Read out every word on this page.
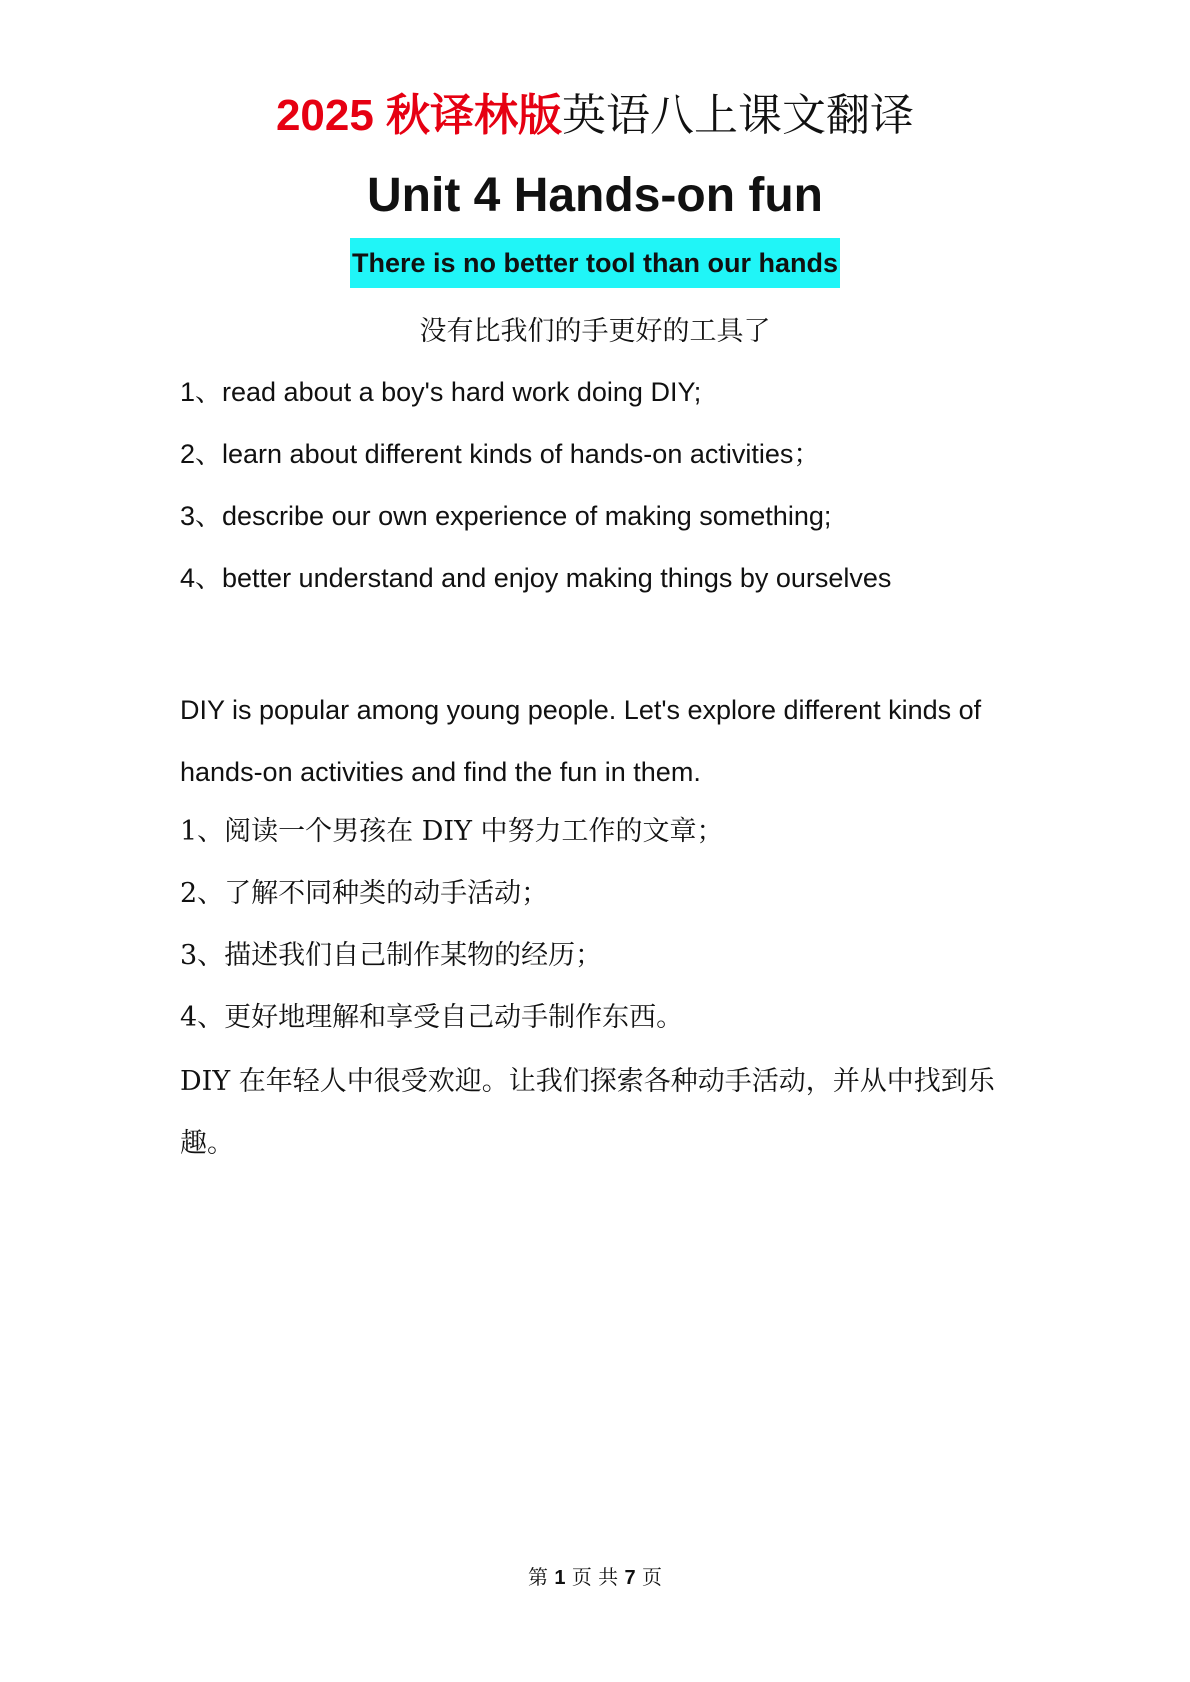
2025 秋译林版英语八上课文翻译
Unit 4 Hands-on fun
There is no better tool than our hands
没有比我们的手更好的工具了
1、read about a boy's hard work doing DIY;
2、learn about different kinds of hands-on activities；
3、describe our own experience of making something;
4、better understand and enjoy making things by ourselves
DIY is popular among young people. Let's explore different kinds of hands-on activities and find the fun in them.
1、阅读一个男孩在 DIY 中努力工作的文章；
2、了解不同种类的动手活动；
3、描述我们自己制作某物的经历；
4、更好地理解和享受自己动手制作东西。
DIY 在年轻人中很受欢迎。让我们探索各种动手活动，并从中找到乐趣。
第 1 页 共 7 页
